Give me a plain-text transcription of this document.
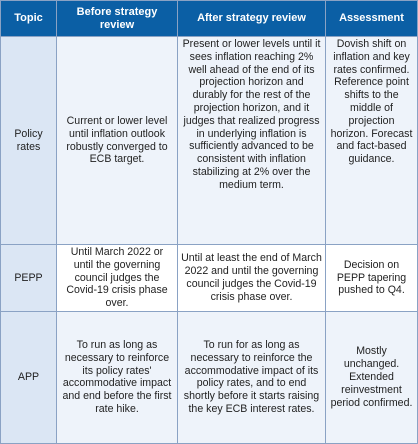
Topic	Before strategy review	After strategy review	Assessment
Policy rates	Current or lower level until inflation outlook robustly converged to ECB target.	Present or lower levels until it sees inflation reaching 2% well ahead of the end of its projection horizon and durably for the rest of the projection horizon, and it judges that realized progress in underlying inflation is sufficiently advanced to be consistent with inflation stabilizing at 2% over the medium term.	Dovish shift on inflation and key rates confirmed. Reference point shifts to the middle of projection horizon. Forecast and fact-based guidance.
PEPP	Until March 2022 or until the governing council judges the Covid-19 crisis phase over.	Until at least the end of March 2022 and until the governing council judges the Covid-19 crisis phase over.	Decision on PEPP tapering pushed to Q4.
APP	To run as long as necessary to reinforce its policy rates' accommodative impact and end before the first rate hike.	To run for as long as necessary to reinforce the accommodative impact of its policy rates, and to end shortly before it starts raising the key ECB interest rates.	Mostly unchanged. Extended reinvestment period confirmed.
